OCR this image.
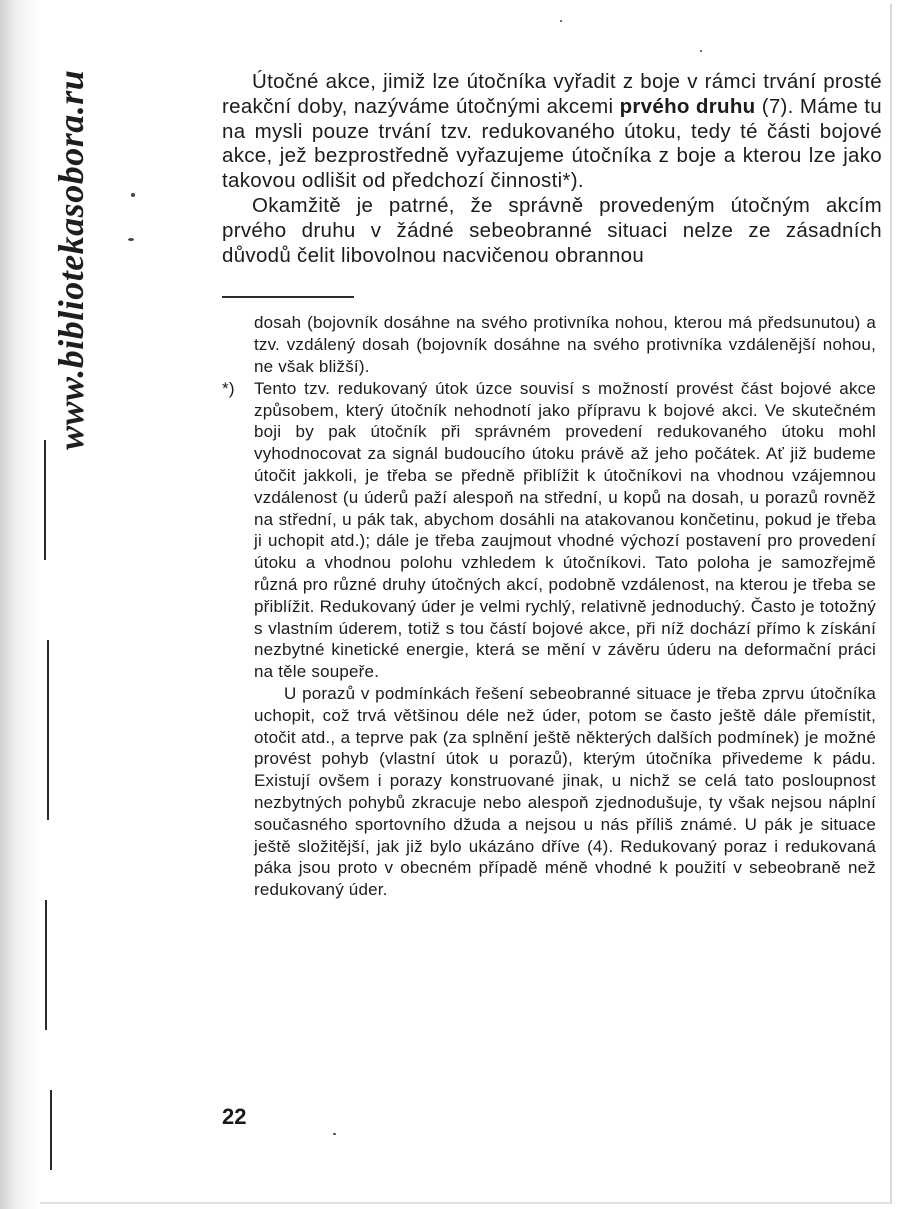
www.bibliotekasobora.ru	Útočné akce, jimiž lze útočníka vyřadit z boje v rámci trvání prosté reakční doby, nazýváme útočnými akcemi prvého druhu (7). Máme tu na mysli pouze trvání tzv. redukovaného útoku, tedy té části bojové akce, jež bezprostředně vyřazujeme útočníka z boje a kterou lze jako takovou odlišit od předchozí činnosti*).

Okamžitě je patrné, že správně provedeným útočným akcím prvého druhu v žádné sebeobranné situaci nelze ze zásadních důvodů čelit libovolnou nacvičenou obrannou

dosah (bojovník dosáhne na svého protivníka nohou, kterou má předsunutou) a tzv. vzdálený dosah (bojovník dosáhne na svého protivníka vzdálenější nohou, ne však bližší).

*) Tento tzv. redukovaný útok úzce souvisí s možností provést část bojové akce způsobem, který útočník nehodnotí jako přípravu k bojové akci. Ve skutečném boji by pak útočník při správném provedení redukovaného útoku mohl vyhodnocovat za signál budoucího útoku právě až jeho počátek. Ať již budeme útočit jakkoli, je třeba se předně přiblížit k útočníkovi na vhodnou vzájemnou vzdálenost (u úderů paží alespoň na střední, u kopů na dosah, u porazů rovněž na střední, u pák tak, abychom dosáhli na atakovanou končetinu, pokud je třeba ji uchopit atd.); dále je třeba zaujmout vhodné výchozí postavení pro provedení útoku a vhodnou polohu vzhledem k útočníkovi. Tato poloha je samozřejmě různá pro různé druhy útočných akcí, podobně vzdálenost, na kterou je třeba se přiblížit. Redukovaný úder je velmi rychlý, relativně jednoduchý. Často je totožný s vlastním úderem, totiž s tou částí bojové akce, při níž dochází přímo k získání nezbytné kinetické energie, která se mění v závěru úderu na deformační práci na těle soupeře.

U porazů v podmínkách řešení sebeobranné situace je třeba zprvu útočníka uchopit, což trvá většinou déle než úder, potom se často ještě dále přemístit, otočit atd., a teprve pak (za splnění ještě některých dalších podmínek) je možné provést pohyb (vlastní útok u porazů), kterým útočníka přivedeme k pádu. Existují ovšem i porazy konstruované jinak, u nichž se celá tato posloupnost nezbytných pohybů zkracuje nebo alespoň zjednodušuje, ty však nejsou náplní současného sportovního džuda a nejsou u nás příliš známé. U pák je situace ještě složitější, jak již bylo ukázáno dříve (4). Redukovaný poraz i redukovaná páka jsou proto v obecném případě méně vhodné k použití v sebeobraně než redukovaný úder.

22
